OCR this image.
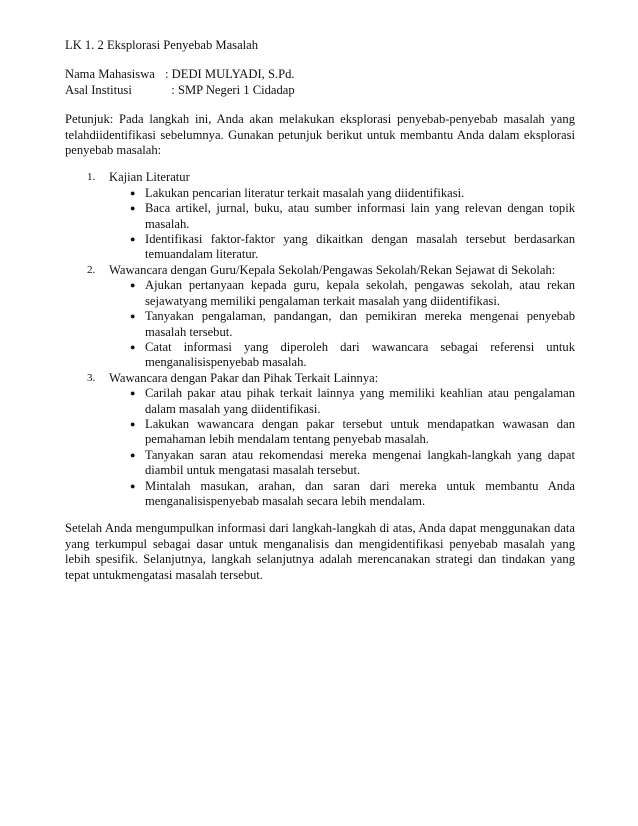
LK 1. 2 Eksplorasi Penyebab Masalah
Nama Mahasiswa : DEDI MULYADI, S.Pd.
Asal Institusi	: SMP Negeri 1 Cidadap

Petunjuk: Pada langkah ini, Anda akan melakukan eksplorasi penyebab-penyebab masalah yang telahdiidentifikasi sebelumnya. Gunakan petunjuk berikut untuk membantu Anda dalam eksplorasi penyebab masalah:

1. Kajian Literatur
● Lakukan pencarian literatur terkait masalah yang diidentifikasi.
● Baca artikel, jurnal, buku, atau sumber informasi lain yang relevan dengan topik masalah.
● Identifikasi faktor-faktor yang dikaitkan dengan masalah tersebut berdasarkan temuandalam literatur.
2. Wawancara dengan Guru/Kepala Sekolah/Pengawas Sekolah/Rekan Sejawat di Sekolah:
● Ajukan pertanyaan kepada guru, kepala sekolah, pengawas sekolah, atau rekan sejawatyang memiliki pengalaman terkait masalah yang diidentifikasi.
● Tanyakan pengalaman, pandangan, dan pemikiran mereka mengenai penyebab masalah tersebut.
● Catat informasi yang diperoleh dari wawancara sebagai referensi untuk menganalisispenyebab masalah.
3. Wawancara dengan Pakar dan Pihak Terkait Lainnya:
● Carilah pakar atau pihak terkait lainnya yang memiliki keahlian atau pengalaman dalam masalah yang diidentifikasi.
● Lakukan wawancara dengan pakar tersebut untuk mendapatkan wawasan dan pemahaman lebih mendalam tentang penyebab masalah.
● Tanyakan saran atau rekomendasi mereka mengenai langkah-langkah yang dapat diambil untuk mengatasi masalah tersebut.
● Mintalah masukan, arahan, dan saran dari mereka untuk membantu Anda menganalisispenyebab masalah secara lebih mendalam.

Setelah Anda mengumpulkan informasi dari langkah-langkah di atas, Anda dapat menggunakan data yang terkumpul sebagai dasar untuk menganalisis dan mengidentifikasi penyebab masalah yang lebih spesifik. Selanjutnya, langkah selanjutnya adalah merencanakan strategi dan tindakan yang tepat untukmengatasi masalah tersebut.
